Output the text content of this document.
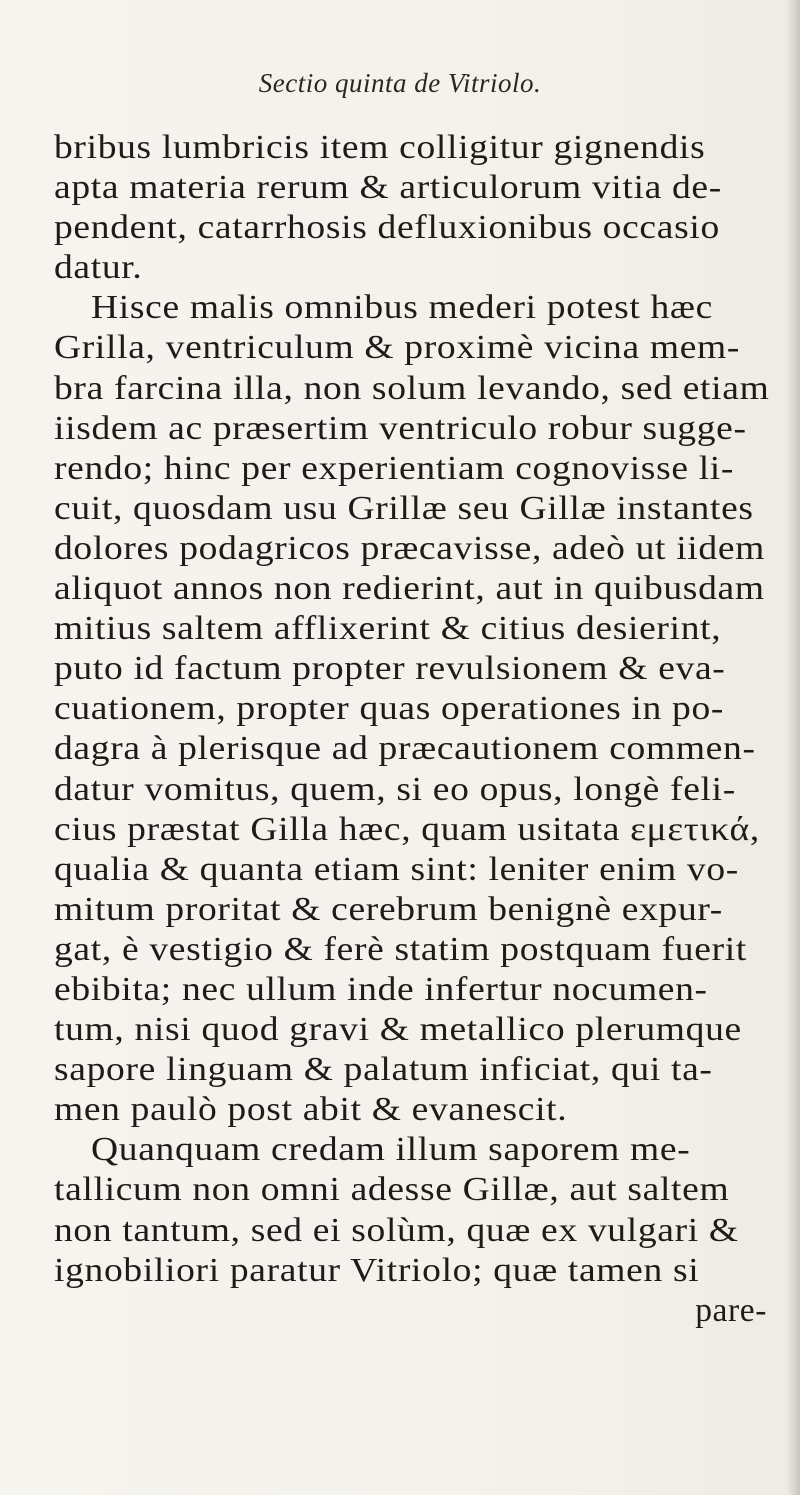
Sectio quinta de Vitriolo.
bribus lumbricis item colligitur gignendis
apta materia rerum & articulorum vitia de-
pendent, catarrhosis defluxionibus occasio
datur.
Hisce malis omnibus mederi potest hæc
Grilla, ventriculum & proximè vicina mem-
bra farcina illa, non solum levando, sed etiam
iisdem ac præsertim ventriculo robur sugge-
rendo; hinc per experientiam cognovisse li-
cuit, quosdam usu Grillæ seu Gillæ instantes
dolores podagricos præcavisse, adeò ut iidem
aliquot annos non redierint, aut in quibusdam
mitius saltem afflixerint & citius desierint,
puto id factum propter revulsionem & eva-
cuationem, propter quas operationes in po-
dagra à plerisque ad præcautionem commen-
datur vomitus, quem, si eo opus, longè feli-
cius præstat Gilla hæc, quam usitata εμετικά,
qualia & quanta etiam sint: leniter enim vo-
mitum proritat & cerebrum benignè expur-
gat, è vestigio & ferè statim postquam fuerit
ebibita; nec ullum inde infertur nocumen-
tum, nisi quod gravi & metallico plerumque
sapore linguam & palatum inficiat, qui ta-
men paulò post abit & evanescit.
Quanquam credam illum saporem me-
tallicum non omni adesse Gillæ, aut saltem
non tantum, sed ei solùm, quæ ex vulgari &
ignobiliori paratur Vitriolo; quæ tamen si
pare-
